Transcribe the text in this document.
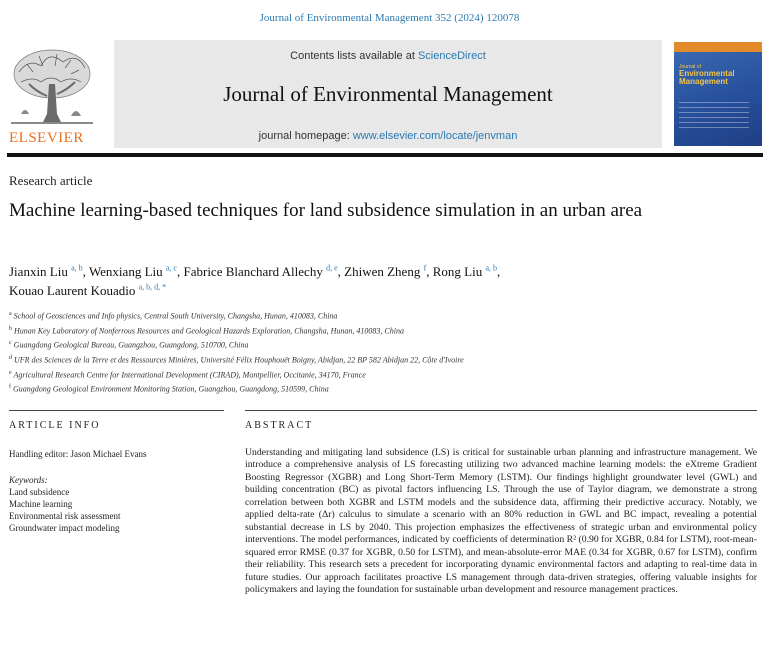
Journal of Environmental Management 352 (2024) 120078
ELSEVIER
Contents lists available at ScienceDirect
Journal of Environmental Management
journal homepage: www.elsevier.com/locate/jenvman
Journal of
Environmental Management
Research article
Machine learning-based techniques for land subsidence simulation in an urban area
Jianxin Liu $^{a, b}$, Wenxiang Liu $^{a, c}$, Fabrice Blanchard Allechy $^{d, e}$, Zhiwen Zheng $^f$, Rong Liu $^{a, b}$,
Kouao Laurent Kouadio $^{a, b, d, *}$
$^a$ School of Geosciences and Info physics, Central South University, Changsha, Hunan, 410083, China
$^b$ Hunan Key Laboratory of Nonferrous Resources and Geological Hazards Exploration, Changsha, Hunan, 410083, China
$^c$ Guangdong Geological Bureau, Guangzhou, Guangdong, 510700, China
$^d$ UFR des Sciences de la Terre et des Ressources Minières, Université Félix Houphouët Boigny, Abidjan, 22 BP 582 Abidjan 22, Côte d'Ivoire
$^e$ Agricultural Research Centre for International Development (CIRAD), Montpellier, Occitanie, 34170, France
$^f$ Guangdong Geological Environment Monitoring Station, Guangzhou, Guangdong, 510599, China
ARTICLE INFO	ABSTRACT
Handling editor: Jason Michael Evans
Keywords:
Land subsidence
Machine learning
Environmental risk assessment
Groundwater impact modeling
Understanding and mitigating land subsidence (LS) is critical for sustainable urban planning and infrastructure management. We introduce a comprehensive analysis of LS forecasting utilizing two advanced machine learning models: the eXtreme Gradient Boosting Regressor (XGBR) and Long Short-Term Memory (LSTM). Our findings highlight groundwater level (GWL) and building concentration (BC) as pivotal factors influencing LS. Through the use of Taylor diagram, we demonstrate a strong correlation between both XGBR and LSTM models and the subsidence data, affirming their predictive accuracy. Notably, we applied delta-rate (Δr) calculus to simulate a scenario with an 80% reduction in GWL and BC impact, revealing a potential substantial decrease in LS by 2040. This projection emphasizes the effectiveness of strategic urban and environmental policy interventions. The model performances, indicated by coefficients of determination R² (0.90 for XGBR, 0.84 for LSTM), root-mean-squared error RMSE (0.37 for XGBR, 0.50 for LSTM), and mean-absolute-error MAE (0.34 for XGBR, 0.67 for LSTM), confirm their reliability. This research sets a precedent for incorporating dynamic environmental factors and adapting to real-time data in future studies. Our approach facilitates proactive LS management through data-driven strategies, offering valuable insights for policymakers and laying the foundation for sustainable urban development and resource management practices.
